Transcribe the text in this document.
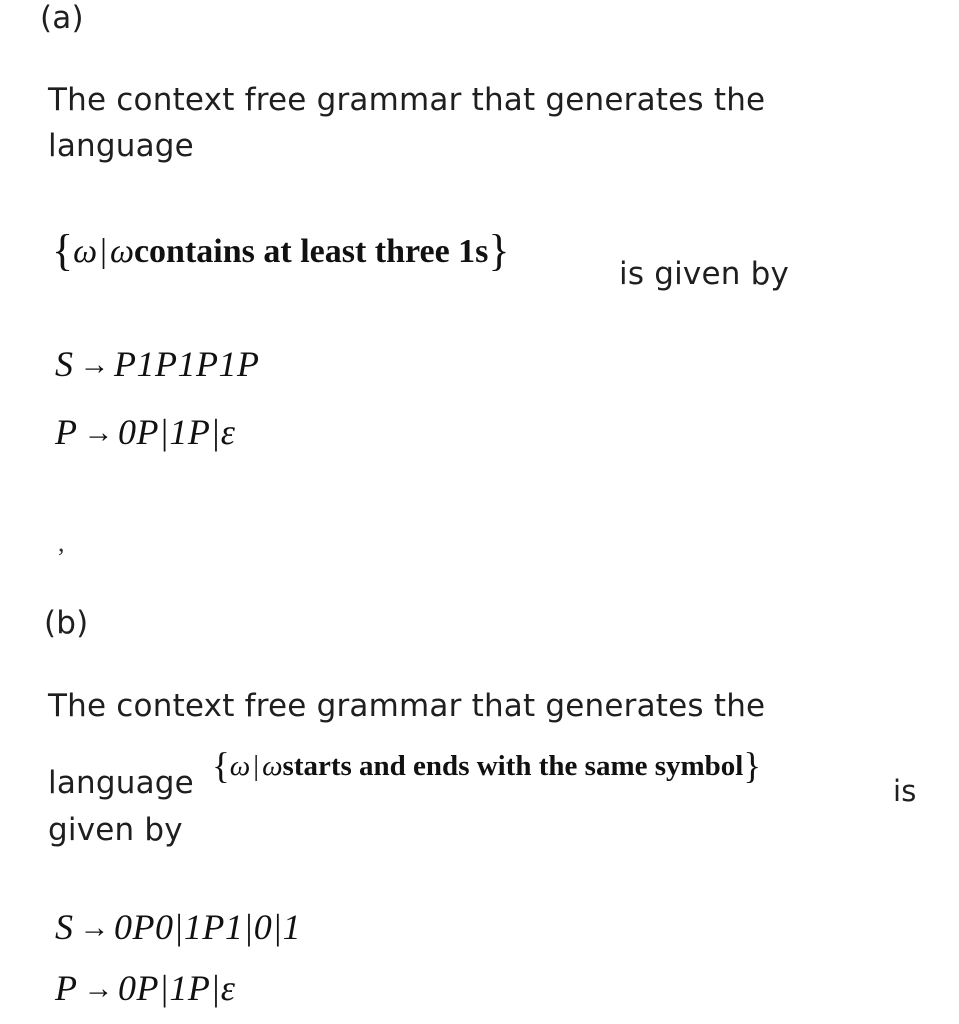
(a)
The context free grammar that generates the
language
{ω|ωcontains at least three 1s}	is given by
S → P1P1P1P
P → 0P|1P|ε
,
(b)
The context free grammar that generates the
language {ω | ωstarts and ends with the same symbol}
is
given by
S → 0P0|1P1|0|1
P → 0P|1P|ε
